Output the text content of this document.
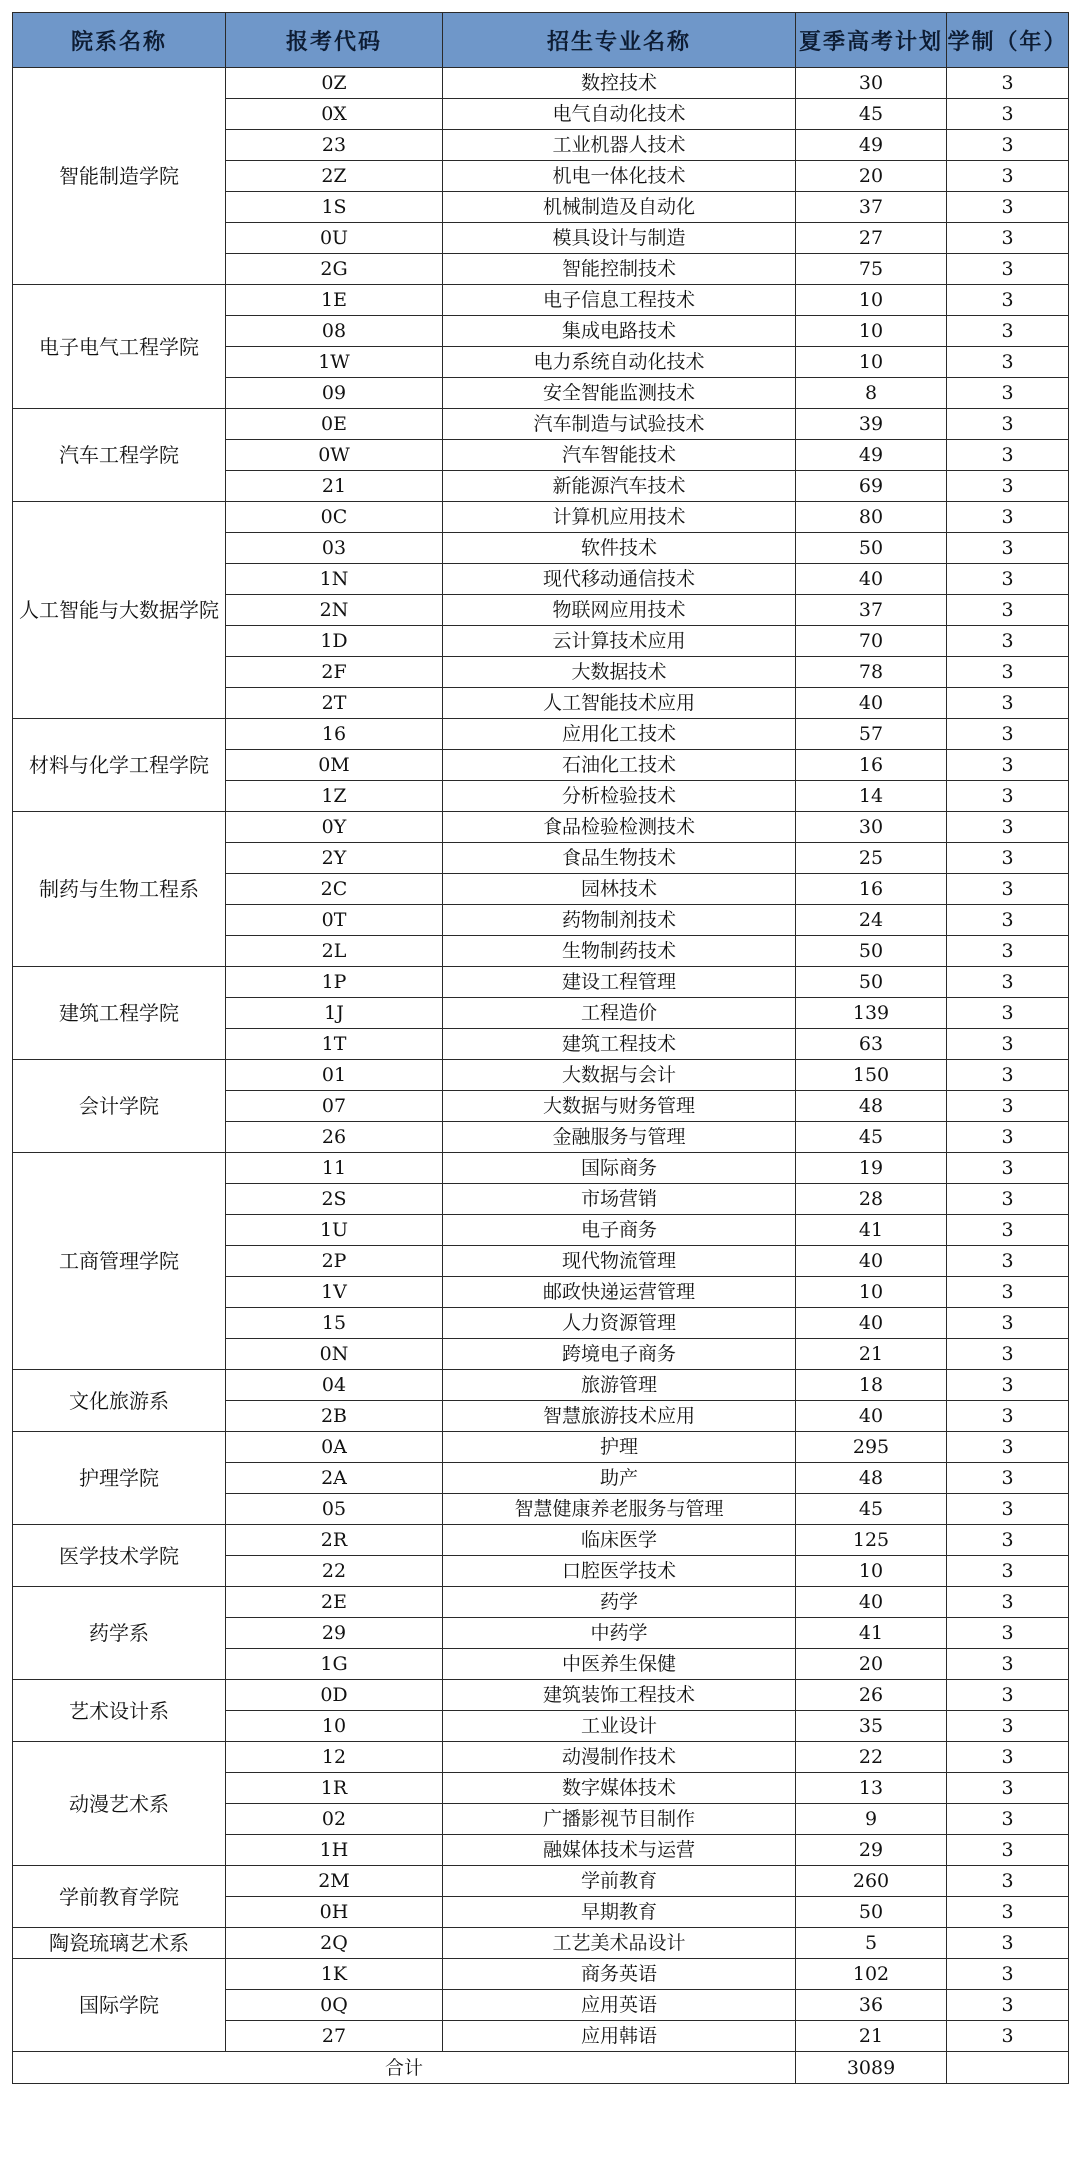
院系名称	报考代码	招生专业名称	夏季高考计划	学制（年）
智能制造学院	0Z	数控技术	30	3
	0X	电气自动化技术	45	3
	23	工业机器人技术	49	3
	2Z	机电一体化技术	20	3
	1S	机械制造及自动化	37	3
	0U	模具设计与制造	27	3
	2G	智能控制技术	75	3
电子电气工程学院	1E	电子信息工程技术	10	3
	08	集成电路技术	10	3
	1W	电力系统自动化技术	10	3
	09	安全智能监测技术	8	3
汽车工程学院	0E	汽车制造与试验技术	39	3
	0W	汽车智能技术	49	3
	21	新能源汽车技术	69	3
人工智能与大数据学院	0C	计算机应用技术	80	3
	03	软件技术	50	3
	1N	现代移动通信技术	40	3
	2N	物联网应用技术	37	3
	1D	云计算技术应用	70	3
	2F	大数据技术	78	3
	2T	人工智能技术应用	40	3
材料与化学工程学院	16	应用化工技术	57	3
	0M	石油化工技术	16	3
	1Z	分析检验技术	14	3
制药与生物工程系	0Y	食品检验检测技术	30	3
	2Y	食品生物技术	25	3
	2C	园林技术	16	3
	0T	药物制剂技术	24	3
	2L	生物制药技术	50	3
建筑工程学院	1P	建设工程管理	50	3
	1J	工程造价	139	3
	1T	建筑工程技术	63	3
会计学院	01	大数据与会计	150	3
	07	大数据与财务管理	48	3
	26	金融服务与管理	45	3
工商管理学院	11	国际商务	19	3
	2S	市场营销	28	3
	1U	电子商务	41	3
	2P	现代物流管理	40	3
	1V	邮政快递运营管理	10	3
	15	人力资源管理	40	3
	0N	跨境电子商务	21	3
文化旅游系	04	旅游管理	18	3
	2B	智慧旅游技术应用	40	3
护理学院	0A	护理	295	3
	2A	助产	48	3
	05	智慧健康养老服务与管理	45	3
医学技术学院	2R	临床医学	125	3
	22	口腔医学技术	10	3
药学系	2E	药学	40	3
	29	中药学	41	3
	1G	中医养生保健	20	3
艺术设计系	0D	建筑装饰工程技术	26	3
	10	工业设计	35	3
动漫艺术系	12	动漫制作技术	22	3
	1R	数字媒体技术	13	3
	02	广播影视节目制作	9	3
	1H	融媒体技术与运营	29	3
学前教育学院	2M	学前教育	260	3
	0H	早期教育	50	3
陶瓷琉璃艺术系	2Q	工艺美术品设计	5	3
国际学院	1K	商务英语	102	3
	0Q	应用英语	36	3
	27	应用韩语	21	3
合计			3089	
